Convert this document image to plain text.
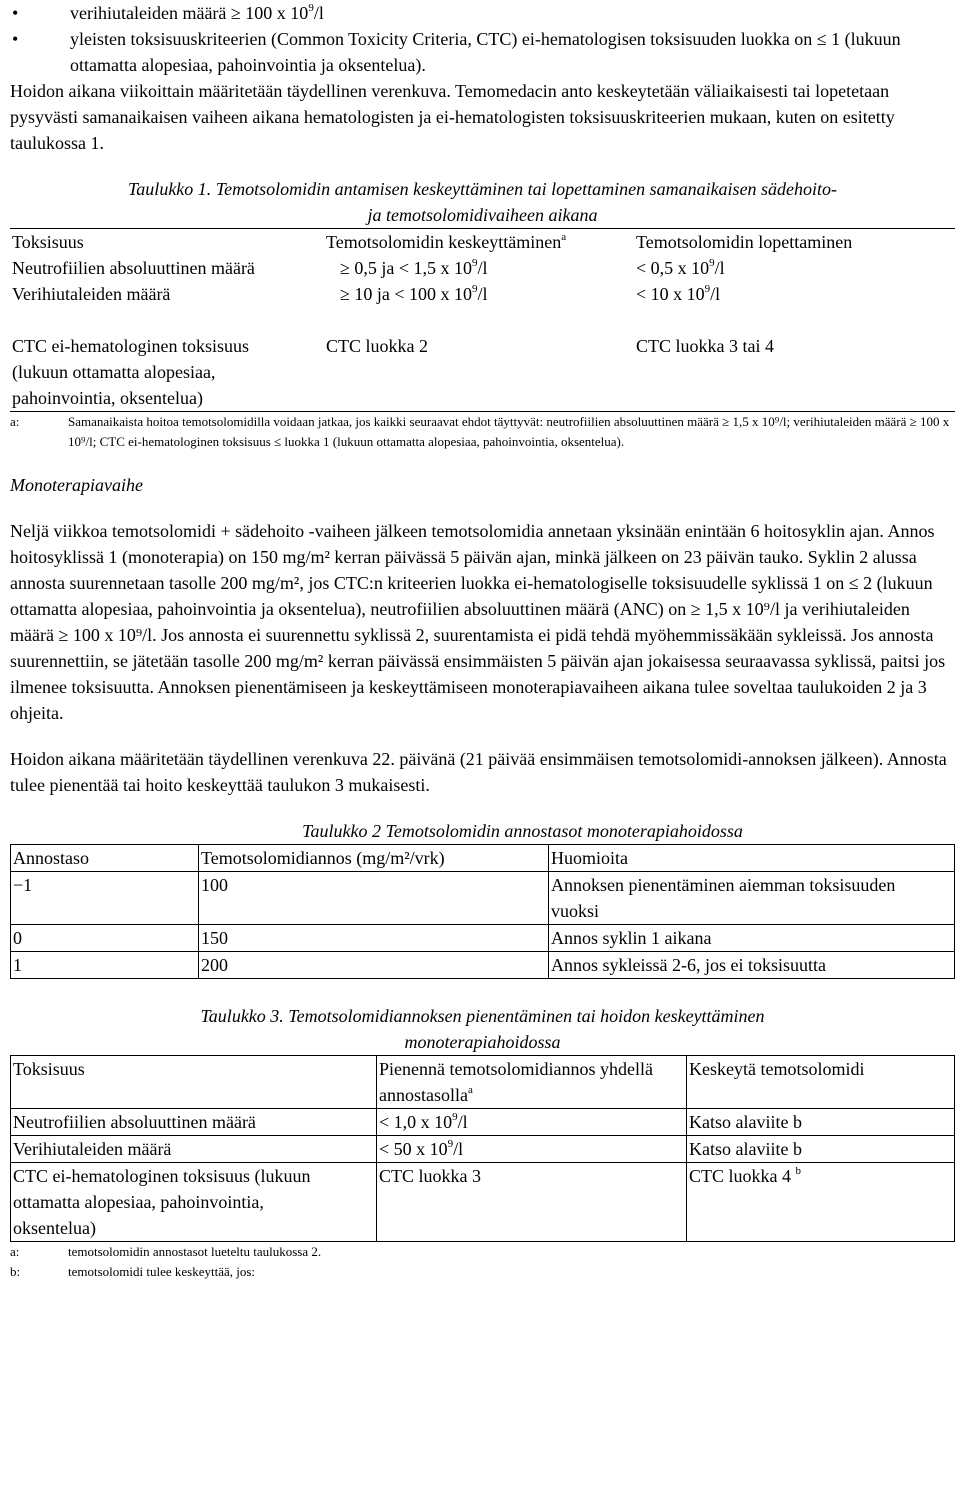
• verihiutaleiden määrä ≥ 100 x $10^9/l$
• yleisten toksisuuskriteerien (Common Toxicity Criteria, CTC) ei-hematologisen toksisuuden luokka on ≤ 1 (lukuun ottamatta alopesiaa, pahoinvointia ja oksentelua).

Hoidon aikana viikoittain määritetään täydellinen verenkuva. Temomedacin anto keskeytetään väliaikaisesti tai lopetetaan pysyvästi samanaikaisen vaiheen aikana hematologisten ja ei-hematologisten toksisuuskriteerien mukaan, kuten on esitetty taulukossa 1.

Taulukko 1. Temotsolomidin antamisen keskeyttäminen tai lopettaminen samanaikaisen sädehoito-
ja temotsolomidivaiheen aikana
Toksisuus	Temotsolomidin keskeyttäminen$^a$	Temotsolomidin lopettaminen
Neutrofiilien absoluuttinen määrä	≥ 0,5 ja < 1,5 x $10^9/l$	< 0,5 x $10^9/l$
Verihiutaleiden määrä	≥ 10 ja < 100 x $10^9/l$	< 10 x $10^9/l$
CTC ei-hematologinen toksisuus (lukuun ottamatta alopesiaa, pahoinvointia, oksentelua)	CTC luokka 2	CTC luokka 3 tai 4
a:	Samanaikaista hoitoa temotsolomidilla voidaan jatkaa, jos kaikki seuraavat ehdot täyttyvät: neutrofiilien absoluuttinen määrä ≥ 1,5 x 10⁹/l; verihiutaleiden määrä ≥ 100 x 10⁹/l; CTC ei-hematologinen toksisuus ≤ luokka 1 (lukuun ottamatta alopesiaa, pahoinvointia, oksentelua).

Monoterapiavaihe

Neljä viikkoa temotsolomidi + sädehoito -vaiheen jälkeen temotsolomidia annetaan yksinään enintään 6 hoitosyklin ajan. Annos hoitosyklissä 1 (monoterapia) on 150 mg/m² kerran päivässä 5 päivän ajan, minkä jälkeen on 23 päivän tauko. Syklin 2 alussa annosta suurennetaan tasolle 200 mg/m², jos CTC:n kriteerien luokka ei-hematologiselle toksisuudelle syklissä 1 on ≤ 2 (lukuun ottamatta alopesiaa, pahoinvointia ja oksentelua), neutrofiilien absoluuttinen määrä (ANC) on ≥ 1,5 x 10⁹/l ja verihiutaleiden määrä ≥ 100 x 10⁹/l. Jos annosta ei suurennettu syklissä 2, suurentamista ei pidä tehdä myöhemmissäkään sykleissä. Jos annosta suurennettiin, se jätetään tasolle 200 mg/m² kerran päivässä ensimmäisten 5 päivän ajan jokaisessa seuraavassa syklissä, paitsi jos ilmenee toksisuutta. Annoksen pienentämiseen ja keskeyttämiseen monoterapiavaiheen aikana tulee soveltaa taulukoiden 2 ja 3 ohjeita.

Hoidon aikana määritetään täydellinen verenkuva 22. päivänä (21 päivää ensimmäisen temotsolomidi-annoksen jälkeen). Annosta tulee pienentää tai hoito keskeyttää taulukon 3 mukaisesti.

Taulukko 2 Temotsolomidin annostasot monoterapiahoidossa
Annostaso	Temotsolomidiannos (mg/m²/vrk)	Huomioita
−1	100	Annoksen pienentäminen aiemman toksisuuden vuoksi
0	150	Annos syklin 1 aikana
1	200	Annos sykleissä 2-6, jos ei toksisuutta
Taulukko 3. Temotsolomidiannoksen pienentäminen tai hoidon keskeyttäminen
monoterapiahoidossa
Toksisuus	Pienennä temotsolomidiannos yhdellä annostasolla$^a$	Keskeytä temotsolomidi
Neutrofiilien absoluuttinen määrä	< 1,0 x $10^9/l$	Katso alaviite b
Verihiutaleiden määrä	< 50 x $10^9/l$	Katso alaviite b
CTC ei-hematologinen toksisuus (lukuun ottamatta alopesiaa, pahoinvointia, oksentelua)	CTC luokka 3	CTC luokka 4 $^b$
a:	temotsolomidin annostasot lueteltu taulukossa 2.
b:	temotsolomidi tulee keskeyttää, jos:
